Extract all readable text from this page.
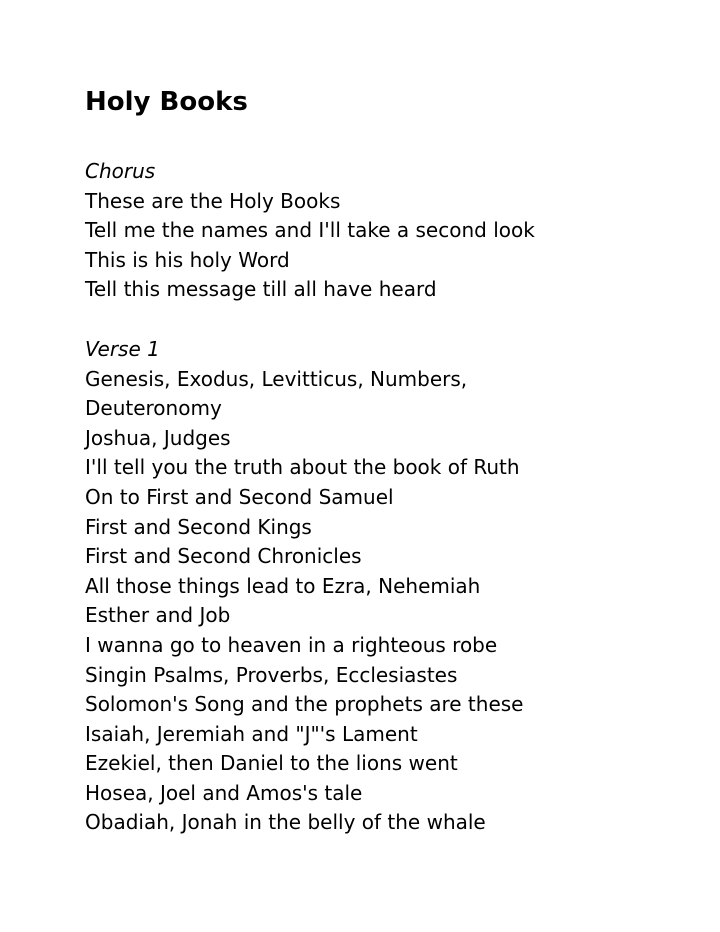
Holy Books
Chorus
These are the Holy Books
Tell me the names and I'll take a second look
This is his holy Word
Tell this message till all have heard
Verse 1
Genesis, Exodus, Levitticus, Numbers,
Deuteronomy
Joshua, Judges
I'll tell you the truth about the book of Ruth
On to First and Second Samuel
First and Second Kings
First and Second Chronicles
All those things lead to Ezra, Nehemiah
Esther and Job
I wanna go to heaven in a righteous robe
Singin Psalms, Proverbs, Ecclesiastes
Solomon's Song and the prophets are these
Isaiah, Jeremiah and "J"'s Lament
Ezekiel, then Daniel to the lions went
Hosea, Joel and Amos's tale
Obadiah, Jonah in the belly of the whale
